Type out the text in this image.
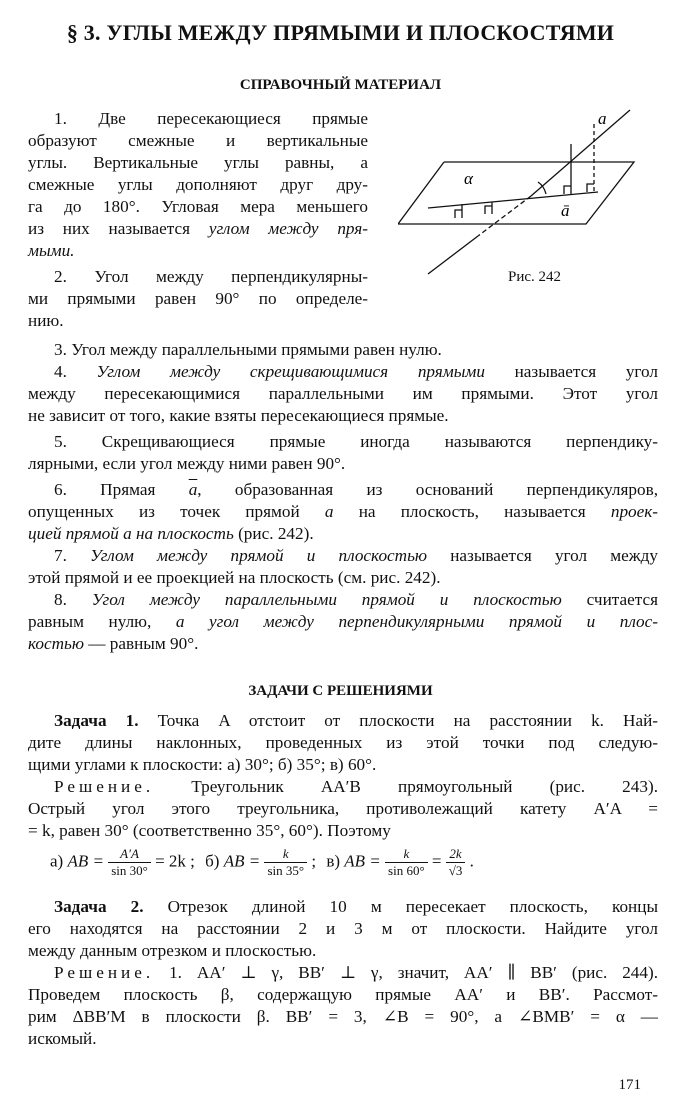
§ 3. УГЛЫ МЕЖДУ ПРЯМЫМИ И ПЛОСКОСТЯМИ
СПРАВОЧНЫЙ МАТЕРИАЛ

1. Две пересекающиеся прямые

образуют смежные и вертикальные

углы. Вертикальные углы равны, а

смежные углы дополняют друг дру-

га до 180°. Угловая мера меньшего

из них называется углом между пря-

мыми.

2. Угол между перпендикулярны-

ми прямыми равен 90° по определе-

нию.

a
α
ā
Рис. 242

3. Угол между параллельными прямыми равен нулю.

4. Углом между скрещивающимися прямыми называется угол

между пересекающимися параллельными им прямыми. Этот угол

не зависит от того, какие взяты пересекающиеся прямые.

5. Скрещивающиеся прямые иногда называются перпендику-

лярными, если угол между ними равен 90°.

6. Прямая $\overline{a}$, образованная из оснований перпендикуляров,

опущенных из точек прямой a на плоскость, называется проек-

цией прямой a на плоскость (рис. 242).

7. Углом между прямой и плоскостью называется угол между

этой прямой и ее проекцией на плоскость (см. рис. 242).

8. Угол между параллельными прямой и плоскостью считается

равным нулю, а угол между перпендикулярными прямой и плос-

костью — равным 90°.

ЗАДАЧИ С РЕШЕНИЯМИ

Задача 1. Точка A отстоит от плоскости на расстоянии k. Най-

дите длины наклонных, проведенных из этой точки под следую-

щими углами к плоскости: а) 30°; б) 35°; в) 60°.

Решение. Треугольник AA′B прямоугольный (рис. 243).

Острый угол этого треугольника, противолежащий катету A′A =

= k, равен 30° (соответственно 35°, 60°). Поэтому

а) AB = $\frac{A'A}{\sin 30^\circ} = 2k$ ; б) AB = $\frac{k}{\sin 35^\circ}$ ; в) AB = $\frac{k}{\sin 60^\circ} = \frac{2k}{√3}$ .

Задача 2. Отрезок длиной 10 м пересекает плоскость, концы

его находятся на расстоянии 2 и 3 м от плоскости. Найдите угол

между данным отрезком и плоскостью.

Решение. 1. AA′ ⊥ γ, BB′ ⊥ γ, значит, AA′ ∥ BB′ (рис. 244).

Проведем плоскость β, содержащую прямые AA′ и BB′. Рассмот-

рим ΔBB′M в плоскости β. BB′ = 3, ∠B = 90°, а ∠BMB′ = α —

искомый.

171
